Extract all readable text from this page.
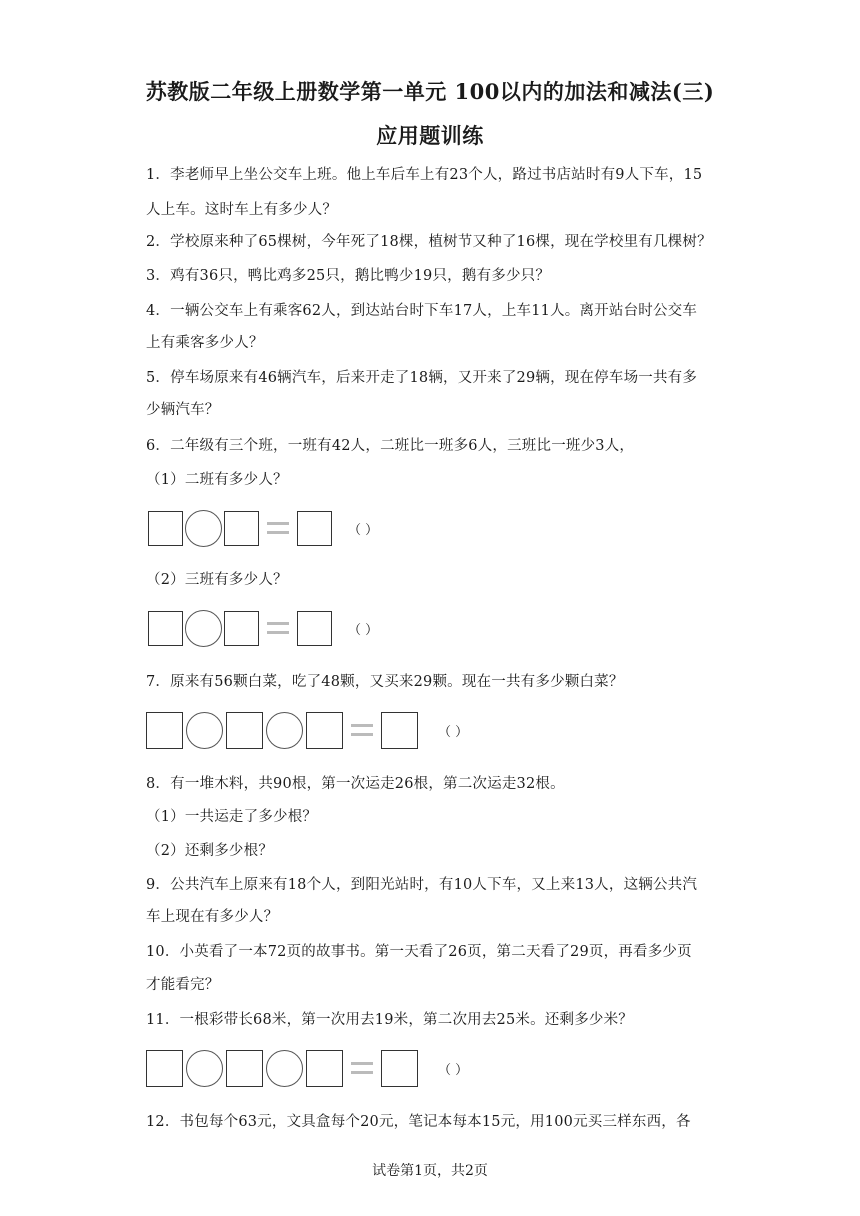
苏教版二年级上册数学第一单元 100以内的加法和减法(三)
应用题训练
1．李老师早上坐公交车上班。他上车后车上有23个人，路过书店站时有9人下车，15
人上车。这时车上有多少人？
2．学校原来种了65棵树，今年死了18棵，植树节又种了16棵，现在学校里有几棵树？
3．鸡有36只，鸭比鸡多25只，鹅比鸭少19只，鹅有多少只？
4．一辆公交车上有乘客62人，到达站台时下车17人，上车11人。离开站台时公交车
上有乘客多少人？
5．停车场原来有46辆汽车，后来开走了18辆，又开来了29辆，现在停车场一共有多
少辆汽车？
6．二年级有三个班，一班有42人，二班比一班多6人，三班比一班少3人，
（1）二班有多少人？
（ ）
（2）三班有多少人？
（ ）
7．原来有56颗白菜，吃了48颗，又买来29颗。现在一共有多少颗白菜？
（ ）
8．有一堆木料，共90根，第一次运走26根，第二次运走32根。
（1）一共运走了多少根？
（2）还剩多少根？
9．公共汽车上原来有18个人，到阳光站时，有10人下车，又上来13人，这辆公共汽
车上现在有多少人？
10．小英看了一本72页的故事书。第一天看了26页，第二天看了29页，再看多少页
才能看完？
11．一根彩带长68米，第一次用去19米，第二次用去25米。还剩多少米？
（ ）
12．书包每个63元，文具盒每个20元，笔记本每本15元，用100元买三样东西，各
试卷第1页，共2页
